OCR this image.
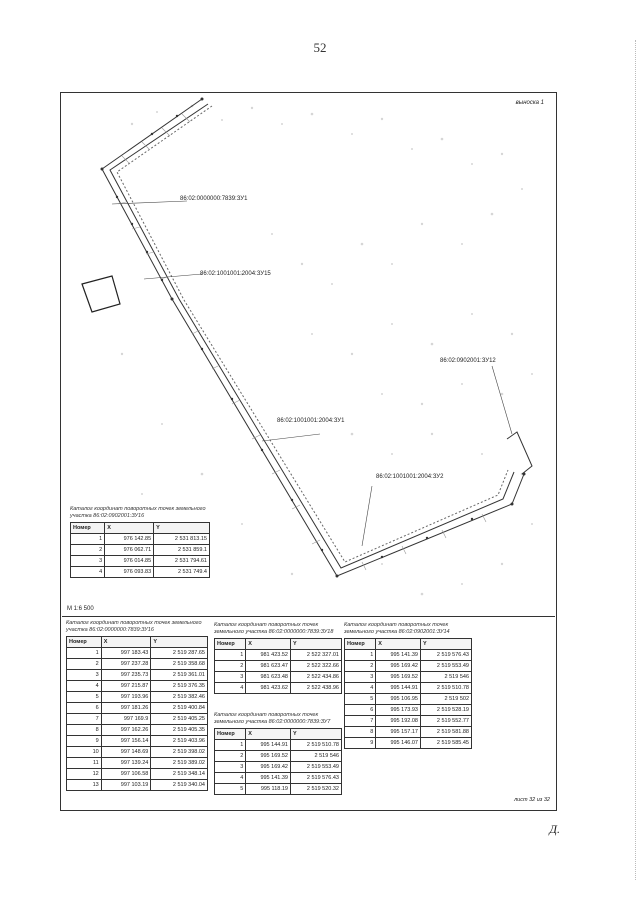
52
86:02:0000000:7839:ЗУ1
86:02:1001001:2004:ЗУ15
86:02:0902001:ЗУ12
86:02:1001001:2004:ЗУ1
86:02:1001001:2004:ЗУ2
выноска 1
М 1:6 500
Каталог координат поворотных точек земельного участка 86:02:0902001:ЗУ16
Номер	X	Y
1	976 142.85	2 531 813.15
2	976 062.71	2 531 859.1
3	976 014.85	2 531 794.61
4	976 093.83	2 531 749.4
Каталог координат поворотных точек земельного участка 86:02:0000000:7839:ЗУ16
Номер	X	Y
1	997 183.43	2 519 287.65
2	997 237.28	2 519 358.68
3	997 235.73	2 519 361.01
4	997 215.87	2 519 376.35
5	997 193.96	2 519 382.46
6	997 181.26	2 519 400.84
7	997 169.9	2 519 405.25
8	997 162.26	2 519 405.35
9	997 156.14	2 519 403.96
10	997 148.69	2 519 398.02
11	997 139.24	2 519 389.02
12	997 106.58	2 519 348.14
13	997 103.19	2 519 340.04
Каталог координат поворотных точек земельного участка 86:02:0000000:7839:ЗУ18
Номер	X	Y
1	981 423.52	2 522 327.01
2	981 623.47	2 522 322.66
3	981 623.48	2 522 434.86
4	981 423.62	2 522 438.96
Каталог координат поворотных точек земельного участка 86:02:0000000:7839:ЗУ7
Номер	X	Y
1	995 144.91	2 519 510.78
2	995 169.52	2 519 546
3	995 169.42	2 519 553.49
4	995 141.39	2 519 576.43
5	995 118.19	2 519 520.32
Каталог координат поворотных точек земельного участка 86:02:0902001:ЗУ14
Номер	X	Y
1	995 141.39	2 519 576.43
2	995 169.42	2 519 553.49
3	995 169.52	2 519 546
4	995 144.91	2 519 510.78
5	995 106.95	2 519 502
6	995 173.93	2 519 528.19
7	995 192.08	2 519 552.77
8	995 157.17	2 519 581.88
9	995 146.07	2 519 585.45
лист 32 из 32
Д.
